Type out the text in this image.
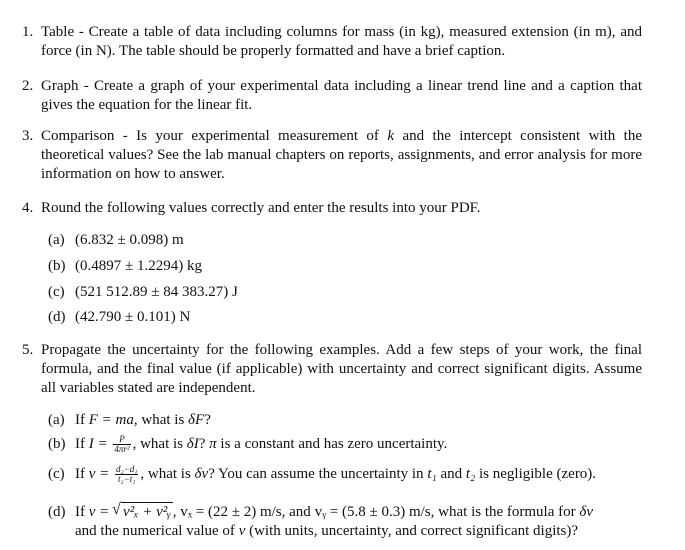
1. Table - Create a table of data including columns for mass (in kg), measured extension (in m), and force (in N). The table should be properly formatted and have a brief caption.
2. Graph - Create a graph of your experimental data including a linear trend line and a caption that gives the equation for the linear fit.
3. Comparison - Is your experimental measurement of k and the intercept consistent with the theoretical values? See the lab manual chapters on reports, assignments, and error analysis for more information on how to answer.
4. Round the following values correctly and enter the results into your PDF.
(a) (6.832 ± 0.098) m
(b) (0.4897 ± 1.2294) kg
(c) (521 512.89 ± 84 383.27) J
(d) (42.790 ± 0.101) N
5. Propagate the uncertainty for the following examples. Add a few steps of your work, the final formula, and the final value (if applicable) with uncertainty and correct significant digits. Assume all variables stated are independent.
(a) If F = ma, what is δF?
(b) If $I = \frac{P}{\text{4πr²}}$ , what is δI? π is a constant and has zero uncertainty.
(c) If $v = \frac{\text{d₂−d₁}}{\text{t₂−t₁}}$ , what is δv? You can assume the uncertainty in t₁ and t₂ is negligible (zero).
(d) If v = √ v²ₓ + v²ᵧ , vₓ = (22 ± 2) m/s, and vᵧ = (5.8 ± 0.3) m/s, what is the formula for δv
and the numerical value of v (with units, uncertainty, and correct significant digits)?
